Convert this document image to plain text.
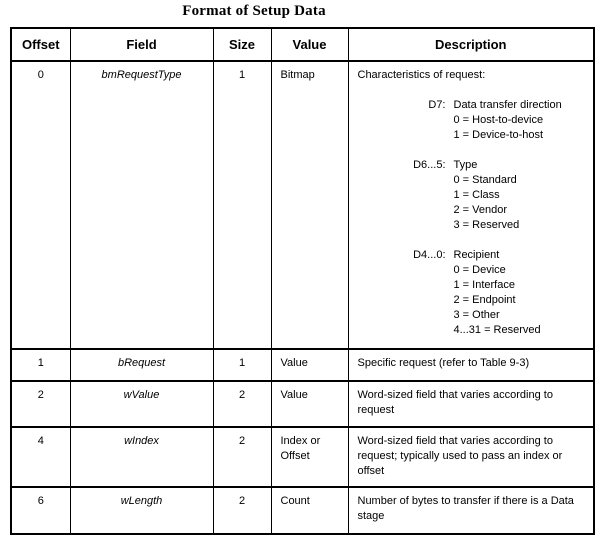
Format of Setup Data
Offset	Field	Size	Value	Description
0	bmRequestType	1	Bitmap	Characteristics of request:
D7: Data transfer direction
0 = Host-to-device
1 = Device-to-host
D6...5: Type
0 = Standard
1 = Class
2 = Vendor
3 = Reserved
D4...0: Recipient
0 = Device
1 = Interface
2 = Endpoint
3 = Other
4...31 = Reserved

1	bRequest	1	Value	Specific request (refer to Table 9-3)
2	wValue	2	Value	Word-sized field that varies according to request
4	wIndex	2	Index or Offset	Word-sized field that varies according to request; typically used to pass an index or offset
6	wLength	2	Count	Number of bytes to transfer if there is a Data stage
